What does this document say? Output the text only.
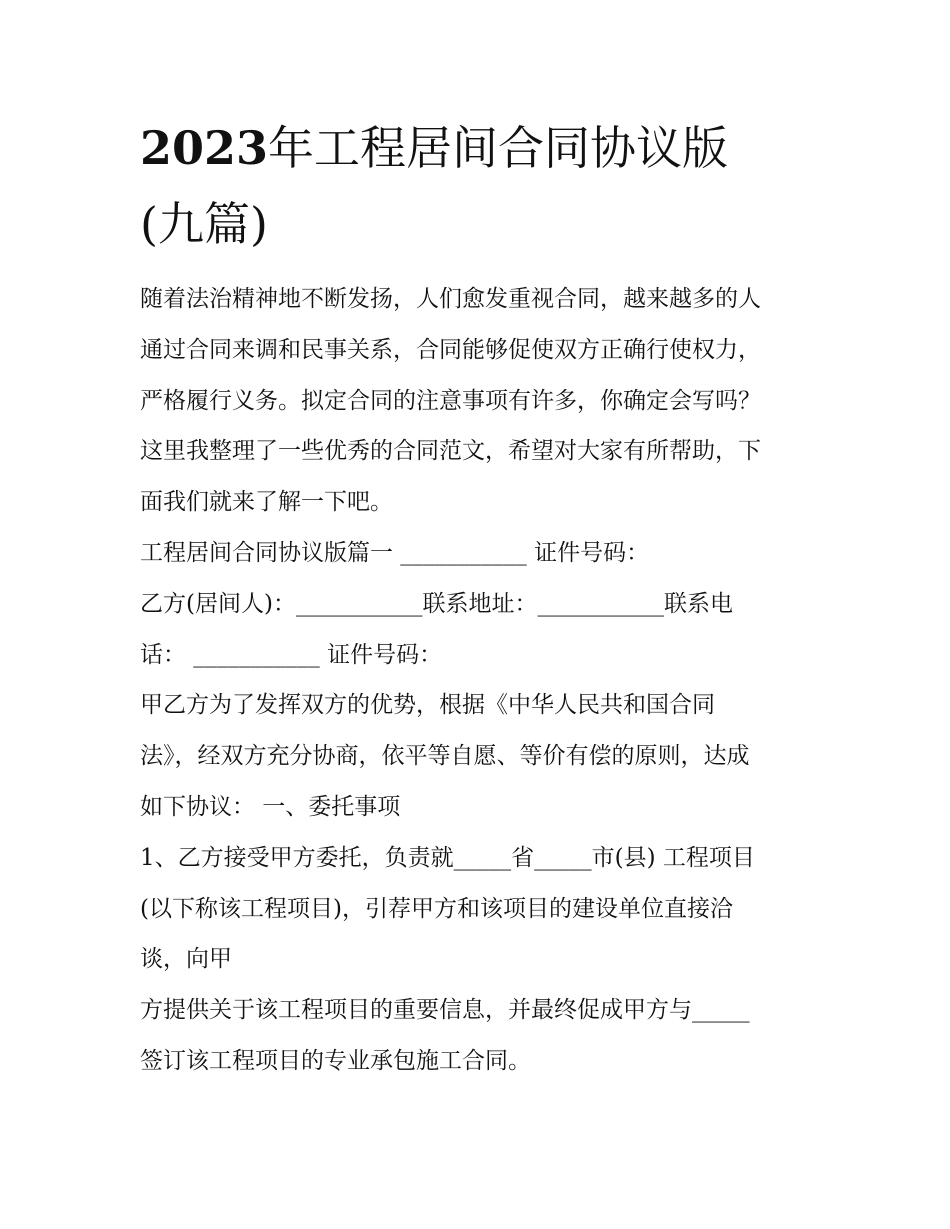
2023年工程居间合同协议版
(九篇)
随着法治精神地不断发扬，人们愈发重视合同，越来越多的人
通过合同来调和民事关系，合同能够促使双方正确行使权力，
严格履行义务。拟定合同的注意事项有许多，你确定会写吗？
这里我整理了一些优秀的合同范文，希望对大家有所帮助，下
面我们就来了解一下吧。
工程居间合同协议版篇一 ___________ 证件号码：
乙方(居间人)：___________联系地址：___________联系电
话： ___________ 证件号码：
甲乙方为了发挥双方的优势，根据《中华人民共和国合同
法》，经双方充分协商，依平等自愿、等价有偿的原则，达成
如下协议： 一、委托事项
1、乙方接受甲方委托，负责就_____省_____市(县) 工程项目
(以下称该工程项目)，引荐甲方和该项目的建设单位直接洽
谈，向甲
方提供关于该工程项目的重要信息，并最终促成甲方与_____
签订该工程项目的专业承包施工合同。
